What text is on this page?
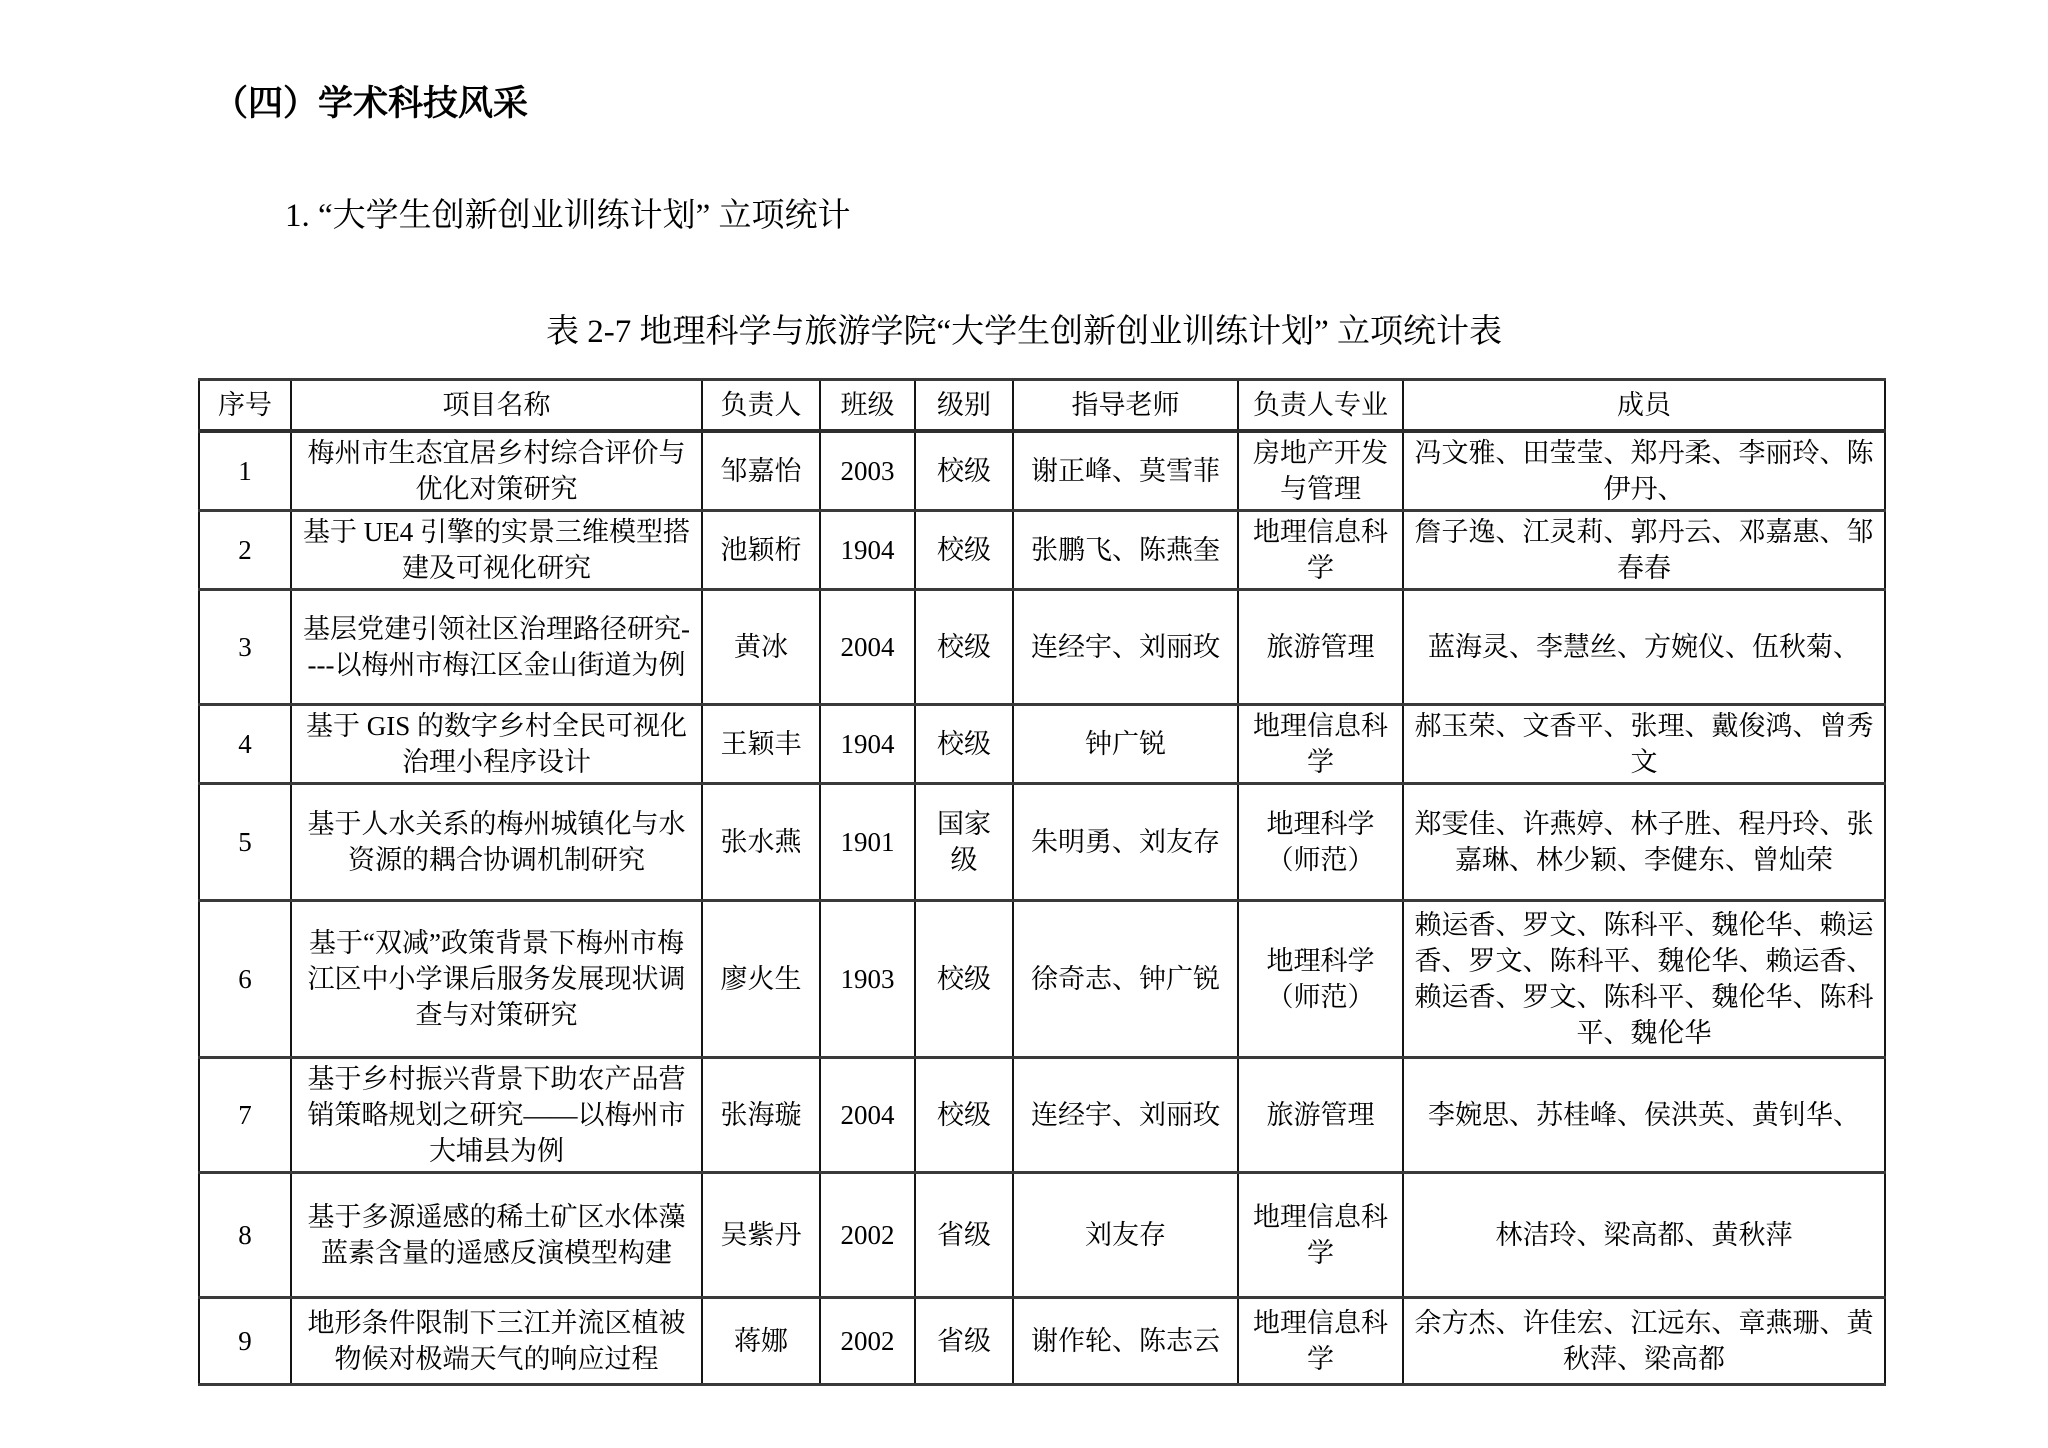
（四）学术科技风采
1. “大学生创新创业训练计划” 立项统计
表 2-7 地理科学与旅游学院“大学生创新创业训练计划” 立项统计表
序号	项目名称	负责人	班级	级别	指导老师	负责人专业	成员
1	梅州市生态宜居乡村综合评价与优化对策研究	邹嘉怡	2003	校级	谢正峰、莫雪菲	房地产开发与管理	冯文雅、田莹莹、郑丹柔、李丽玲、陈伊丹、
2	基于 UE4 引擎的实景三维模型搭建及可视化研究	池颖桁	1904	校级	张鹏飞、陈燕奎	地理信息科学	詹子逸、江灵莉、郭丹云、邓嘉惠、邹春春
3	基层党建引领社区治理路径研究----以梅州市梅江区金山街道为例	黄冰	2004	校级	连经宇、刘丽玫	旅游管理	蓝海灵、李慧丝、方婉仪、伍秋菊、
4	基于 GIS 的数字乡村全民可视化治理小程序设计	王颖丰	1904	校级	钟广锐	地理信息科学	郝玉荣、文香平、张理、戴俊鸿、曾秀文
5	基于人水关系的梅州城镇化与水资源的耦合协调机制研究	张水燕	1901	国家级	朱明勇、刘友存	地理科学（师范）	郑雯佳、许燕婷、林子胜、程丹玲、张嘉琳、林少颖、李健东、曾灿荣
6	基于“双减”政策背景下梅州市梅江区中小学课后服务发展现状调查与对策研究	廖火生	1903	校级	徐奇志、钟广锐	地理科学（师范）	赖运香、罗文、陈科平、魏伦华、赖运香、罗文、陈科平、魏伦华、赖运香、赖运香、罗文、陈科平、魏伦华、陈科平、魏伦华
7	基于乡村振兴背景下助农产品营销策略规划之研究——以梅州市大埔县为例	张海璇	2004	校级	连经宇、刘丽玫	旅游管理	李婉思、苏桂峰、侯洪英、黄钊华、
8	基于多源遥感的稀土矿区水体藻蓝素含量的遥感反演模型构建	吴紫丹	2002	省级	刘友存	地理信息科学	林洁玲、梁高都、黄秋萍
9	地形条件限制下三江并流区植被物候对极端天气的响应过程	蒋娜	2002	省级	谢作轮、陈志云	地理信息科学	余方杰、许佳宏、江远东、章燕珊、黄秋萍、梁高都
